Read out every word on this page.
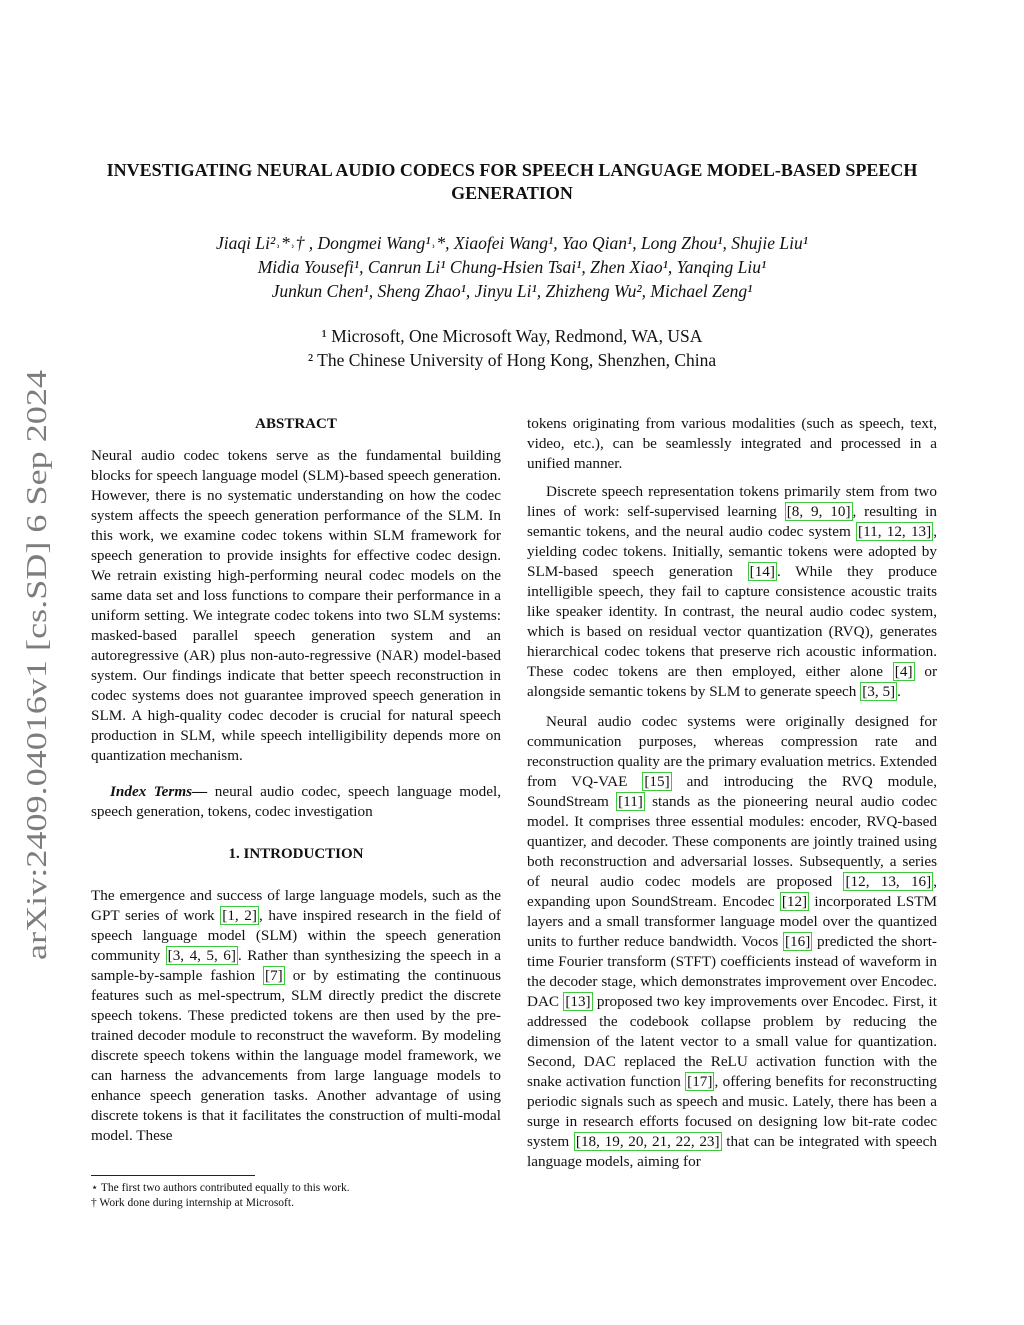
arXiv:2409.04016v1 [cs.SD] 6 Sep 2024
INVESTIGATING NEURAL AUDIO CODECS FOR SPEECH LANGUAGE MODEL-BASED SPEECH GENERATION
Jiaqi Li²˒*˒† , Dongmei Wang¹˒*, Xiaofei Wang¹, Yao Qian¹, Long Zhou¹, Shujie Liu¹
Midia Yousefi¹, Canrun Li¹ Chung-Hsien Tsai¹, Zhen Xiao¹, Yanqing Liu¹
Junkun Chen¹, Sheng Zhao¹, Jinyu Li¹, Zhizheng Wu², Michael Zeng¹
¹ Microsoft, One Microsoft Way, Redmond, WA, USA
² The Chinese University of Hong Kong, Shenzhen, China

ABSTRACT

Neural audio codec tokens serve as the fundamental building blocks for speech language model (SLM)-based speech generation. However, there is no systematic understanding on how the codec system affects the speech generation performance of the SLM. In this work, we examine codec tokens within SLM framework for speech generation to provide insights for effective codec design. We retrain existing high-performing neural codec models on the same data set and loss functions to compare their performance in a uniform setting. We integrate codec tokens into two SLM systems: masked-based parallel speech generation system and an autoregressive (AR) plus non-auto-regressive (NAR) model-based system. Our findings indicate that better speech reconstruction in codec systems does not guarantee improved speech generation in SLM. A high-quality codec decoder is crucial for natural speech production in SLM, while speech intelligibility depends more on quantization mechanism.

Index Terms— neural audio codec, speech language model, speech generation, tokens, codec investigation

1. INTRODUCTION

The emergence and success of large language models, such as the GPT series of work [1, 2] , have inspired research in the field of speech language model (SLM) within the speech generation community [3, 4, 5, 6] . Rather than synthesizing the speech in a sample-by-sample fashion [7] or by estimating the continuous features such as mel-spectrum, SLM directly predict the discrete speech tokens. These predicted tokens are then used by the pre-trained decoder module to reconstruct the waveform. By modeling discrete speech tokens within the language model framework, we can harness the advancements from large language models to enhance speech generation tasks. Another advantage of using discrete tokens is that it facilitates the construction of multi-modal model. These

tokens originating from various modalities (such as speech, text, video, etc.), can be seamlessly integrated and processed in a unified manner.

Discrete speech representation tokens primarily stem from two lines of work: self-supervised learning [8, 9, 10] , resulting in semantic tokens, and the neural audio codec system [11, 12, 13] , yielding codec tokens. Initially, semantic tokens were adopted by SLM-based speech generation [14] . While they produce intelligible speech, they fail to capture consistence acoustic traits like speaker identity. In contrast, the neural audio codec system, which is based on residual vector quantization (RVQ), generates hierarchical codec tokens that preserve rich acoustic information. These codec tokens are then employed, either alone [4] or alongside semantic tokens by SLM to generate speech [3, 5] .

Neural audio codec systems were originally designed for communication purposes, whereas compression rate and reconstruction quality are the primary evaluation metrics. Extended from VQ-VAE [15] and introducing the RVQ module, SoundStream [11] stands as the pioneering neural audio codec model. It comprises three essential modules: encoder, RVQ-based quantizer, and decoder. These components are jointly trained using both reconstruction and adversarial losses. Subsequently, a series of neural audio codec models are proposed [12, 13, 16] , expanding upon SoundStream. Encodec [12] incorporated LSTM layers and a small transformer language model over the quantized units to further reduce bandwidth. Vocos [16] predicted the short-time Fourier transform (STFT) coefficients instead of waveform in the decoder stage, which demonstrates improvement over Encodec. DAC [13] proposed two key improvements over Encodec. First, it addressed the codebook collapse problem by reducing the dimension of the latent vector to a small value for quantization. Second, DAC replaced the ReLU activation function with the snake activation function [17] , offering benefits for reconstructing periodic signals such as speech and music. Lately, there has been a surge in research efforts focused on designing low bit-rate codec system [18, 19, 20, 21, 22, 23] that can be integrated with speech language models, aiming for

⋆ The first two authors contributed equally to this work.
† Work done during internship at Microsoft.
